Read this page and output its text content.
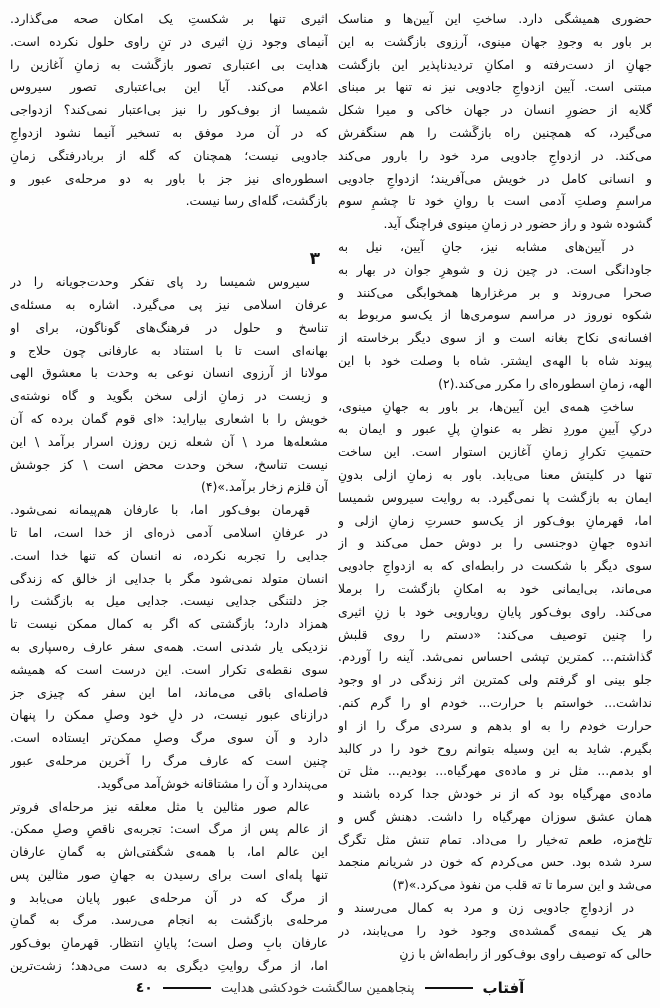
حضوری همیشگی دارد. ساختِ این آیین‌ها و مناسک
بر باور به وجودِ جهان مینوی، آرزوی بازگشت به این
جهانِ از دست‌رفته و امکانِ تردیدناپذیر این بازگشت
مبتنی است. آیین ازدواجِ جادویی نیز نه تنها بر مبنای
گلایه از حضورِ انسان در جهان خاکی و میرا شکل
می‌گیرد، که همچنین راه بازگَشت را هم سنگفرش
می‌کند. در ازدواجِ جادویی مرد خود را بارور می‌کند
و انسانی کامل در خویش می‌آفریند؛ ازدواجِ جادویی
مراسمِ وصلتِ آدمی است با روانِ خود تا چشمِ سوم
گشوده شود و راز حضور در زمانِ مینوی فراچنگ آید.
در آیین‌های مشابه نیز، جانِ آیین، نیل به
جاودانگی است. در چین زن و شوهرِ جوان در بهار به
صحرا می‌روند و بر مرغزارها همخوابگی می‌کنند و
شکوه نوروز در مراسم سومری‌ها از یک‌سو مربوط به
افسانه‌ی نکاح بغانه است و از سوی دیگر برخاسته از
پیوند شاه با الهه‌ی ایشتر. شاه با وصلت خود با این
الهه، زمانِ اسطوره‌ای را مکرر می‌کند.(۲)
ساختِ همه‌ی این آیین‌ها، بر باور به جهانِ مینوی،
درکِ آیینِ موردِ نظر به عنوانِ پلِ عبور و ایمان به
حتمیتِ تکرارِ زمانِ آغازین استوار است. این ساخت
تنها در کلیتش معنا می‌یابد. باور به زمانِ ازلی بدونِ
ایمان به بازگشت پا نمی‌گیرد. به روایت سیروس شمیسا
اما، قهرمانِ بوف‌کور از یک‌سو حسرتِ زمانِ ازلی و
اندوه جهانِ دوجنسی را بر دوش حمل می‌کند و از
سوی دیگر با شکست در رابطه‌ای که به ازدواجِ جادویی
می‌ماند، بی‌ایمانی خود به امکانِ بازگشت را برملا
می‌کند. راوی بوف‌کور پایانِ رویارویی خود با زنِ اثیری
را چنین توصیف می‌کند: «دستم را روی قلبش
گذاشتم... کمترین تپشی احساس نمی‌شد. آینه را آوردم.
جلو بینی او گرفتم ولی کمترین اثر زندگی در او وجود
نداشت... خواستم با حرارت... خودم او را گرم کنم.
حرارت خودم را به او بدهم و سردی مرگ را از او
بگیرم. شاید به این وسیله بتوانم روح خود را در کالبد
او بدمم... مثل نر و ماده‌ی مهرگیاه... بودیم... مثل تن
ماده‌ی مهرگیاه بود که از نر خودش جدا کرده باشند و
همان عشق سوزان مهرگیاه را داشت. دهنش گس و
تلخ‌مزه، طعم ته‌خیار را می‌داد. تمام تنش مثل تگرگ
سرد شده بود. حس می‌کردم که خون در شریانم منجمد
می‌شد و این سرما تا ته قلب من نفوذ می‌کرد.»(۳)
در ازدواجِ جادویی زن و مرد به کمال می‌رسند و
هر یک نیمه‌ی گمشده‌ی وجود خود را می‌یابند، در
حالی که توصیف راوی بوف‌کور از رابطه‌اش با زنِ
اثیری تنها بر شکستِ یک امکان صحه می‌گذارد.
آنیمای وجود زنِ اثیری در تنِ راوی حلول نکرده است.
هدایت بی‌ اعتباری تصور بازگَشت به زمانِ آغازین را
اعلام می‌کند. آیا این بی‌اعتباری تصور سیروس
شمیسا از بوف‌کور را نیز بی‌اعتبار نمی‌کند؟ ازدواجی
که در آن مرد موفق به تسخیر آنیما نشود ازدواجِ
جادویی نیست؛ همچنان که گله از بربادرفتگی زمانِ
اسطوره‌ای نیز جز با باور به دو مرحله‌ی عبور و
بازگشت، گله‌ای رسا نیست.
۳
سیروس شمیسا رد پای تفکر وحدت‌جویانه را در
عرفان اسلامی نیز پی می‌گیرد. اشاره به مسئله‌ی
تناسخ و حلول در فرهنگ‌های گوناگون، برای او
بهانه‌ای است تا با استناد به عارفانی چون حلاج و
مولانا از آرزوی انسان نوعی به وحدت با معشوق الهی
و زیست در زمانِ ازلی سخن بگوید و گاه نوشته‌ی
خویش را با اشعاری بیاراید: «ای قوم گمان برده که آن
مشعله‌ها مرد \ آن شعله زین روزن اسرار برآمد \ این
نیست تناسخ، سخن وحدت محض است \ کز جوشش
آن قلزم زخار برآمد.»(۴)
قهرمان بوف‌کور اما، با عارفان هم‌پیمانه نمی‌شود.
در عرفانِ اسلامی آدمی ذره‌ای از خدا است، اما تا
جدایی را تجربه نکرده، نه انسان که تنها خدا است.
انسان متولد نمی‌شود مگر با جدایی از خالق که زندگی
جز دلتنگی جدایی نیست. جدایی میل به بازگشت را
همزاد دارد؛ بازگشتی که اگر به کمال ممکن نیست تا
نزدیکی یار شدنی است. همه‌ی سفر عارف ره‌سپاری به
سوی نقطه‌ی تکرار است. این درست است که همیشه
فاصله‌ای باقی می‌ماند، اما این سفر که چیزی جز
درازنای عبور نیست، در دلِ خود وصلِ ممکن را پنهان
دارد و آن سوی مرگ وصلِ ممکن‌تر ایستاده است.
چنین است که عارف مرگ را آخرین مرحله‌ی عبور
می‌پندارد و آن را مشتاقانه خوش‌آمد می‌گوید.
عالم صور مثالین یا مثل معلقه نیز مرحله‌ای فروتر
از عالم پس از مرگ است: تجربه‌ی ناقصِ وصلِ ممکن.
این عالم اما، با همه‌ی شگفتی‌اش به گمانِ عارفان
تنها پله‌ای است برای رسیدن به جهانِ صور مثالین پس
از مرگ که در آن مرحله‌ی عبور پایان می‌یابد و
مرحله‌ی بازگشت به انجام می‌رسد. مرگ به گمانِ
عارفان بابِ وصل است؛ پایانِ انتظار. قهرمانِ بوف‌کور
اما، از مرگ روایتِ دیگری به دست می‌دهد؛ زشت‌ترین
آفتاب
پنجاهمین سالگشت خودکشی هدایت
٤٠
